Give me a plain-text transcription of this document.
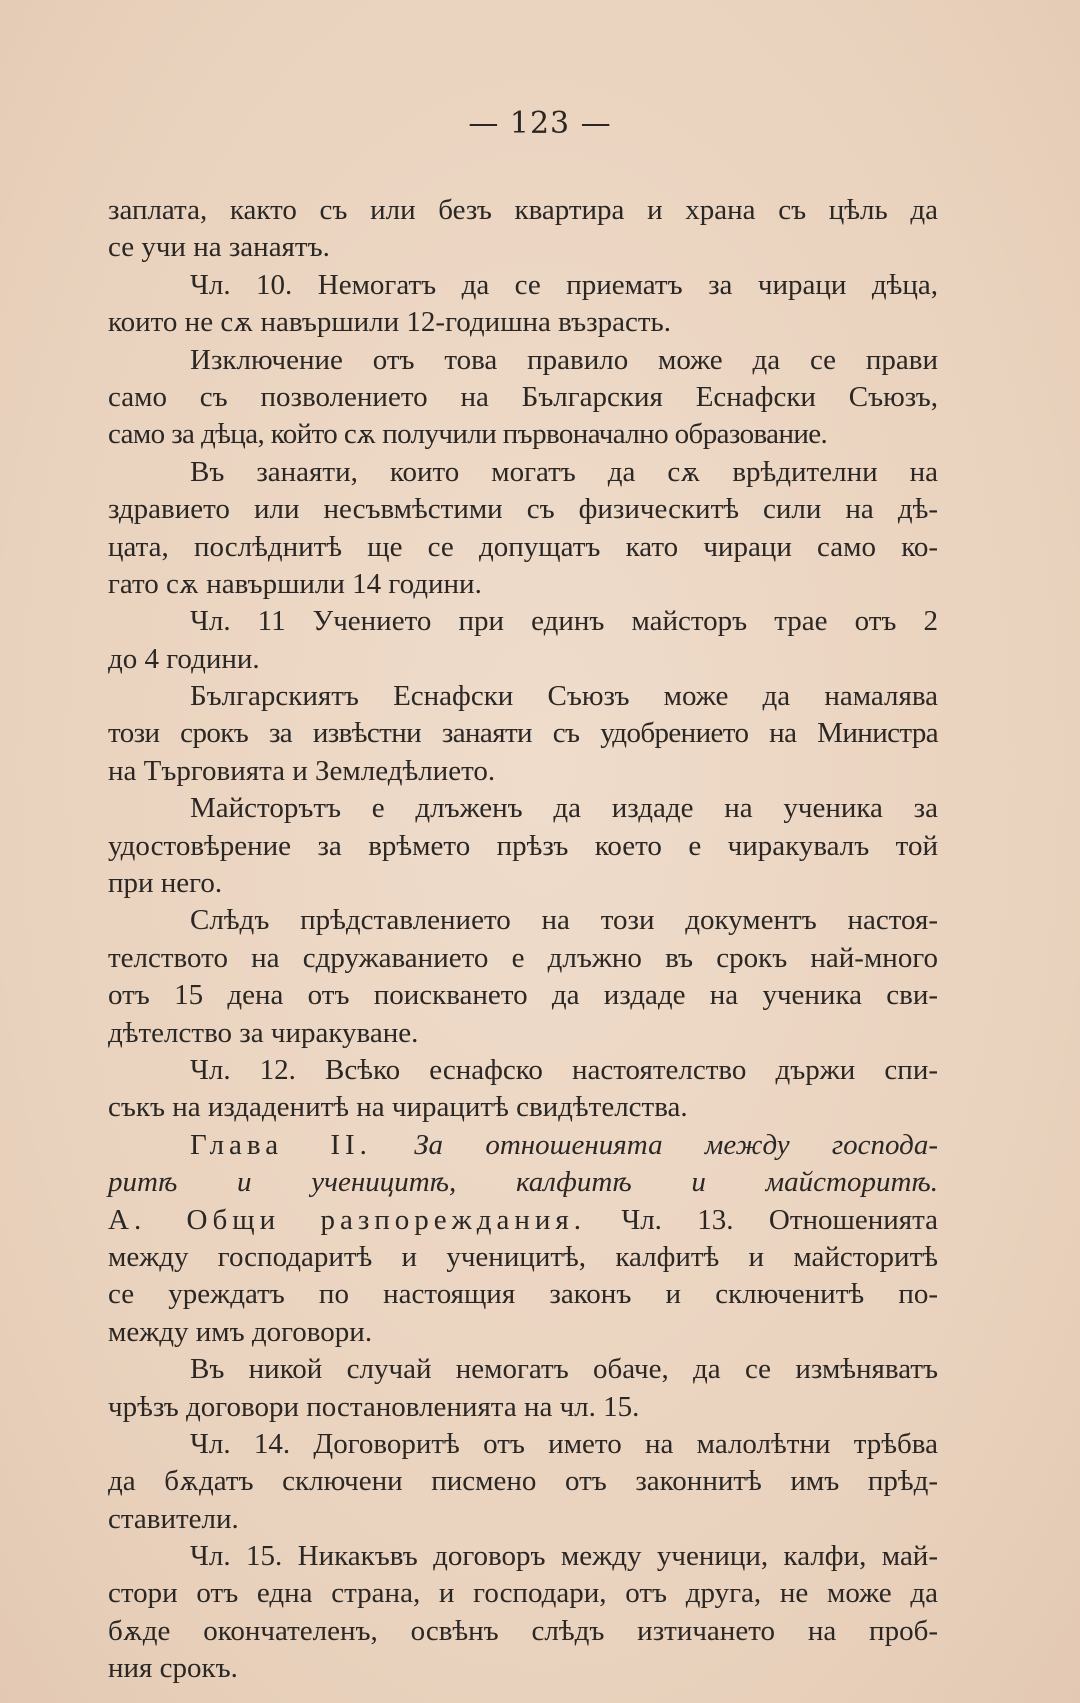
— 123 —
заплата, както съ или безъ квартира и храна съ цѣль да
се учи на занаятъ.
Чл. 10. Немогатъ да се приематъ за чираци дѣца,
които не сѫ навършили 12-годишна възрасть.
Изключение отъ това правило може да се прави
само съ позволението на Българския Еснафски Съюзъ,
само за дѣца, който сѫ получили първоначално образование.
Въ занаяти, които могатъ да сѫ врѣдителни на
здравието или несъвмѣстими съ физическитѣ сили на дѣ-
цата, послѣднитѣ ще се допущатъ като чираци само ко-
гато сѫ навършили 14 години.
Чл. 11 Учението при единъ майсторъ трае отъ 2
до 4 години.
Българскиятъ Еснафски Съюзъ може да намалява
този срокъ за извѣстни занаяти съ удобрението на Министра
на Търговията и Земледѣлието.
Майсторътъ е длъженъ да издаде на ученика за
удостовѣрение за врѣмето прѣзъ което е чиракувалъ той
при него.
Слѣдъ прѣдставлението на този документъ настоя-
телството на сдружаванието е длъжно въ срокъ най-много
отъ 15 дена отъ поискването да издаде на ученика сви-
дѣтелство за чиракуване.
Чл. 12. Всѣко еснафско настоятелство държи спи-
съкъ на издаденитѣ на чирацитѣ свидѣтелства.
Глава II. За отношенията между господа-
ритѣ и ученицитѣ, калфитѣ и майсторитѣ.
А. Общи разпореждания. Чл. 13. Отношенията
между господаритѣ и ученицитѣ, калфитѣ и майсторитѣ
се уреждатъ по настоящия законъ и сключенитѣ по-
между имъ договори.
Въ никой случай немогатъ обаче, да се измѣняватъ
чрѣзъ договори постановленията на чл. 15.
Чл. 14. Договоритѣ отъ името на малолѣтни трѣбва
да бѫдатъ сключени писмено отъ законнитѣ имъ прѣд-
ставители.
Чл. 15. Никакъвъ договоръ между ученици, калфи, май-
стори отъ една страна, и господари, отъ друга, не може да
бѫде окончателенъ, освѣнъ слѣдъ изтичането на проб-
ния срокъ.
